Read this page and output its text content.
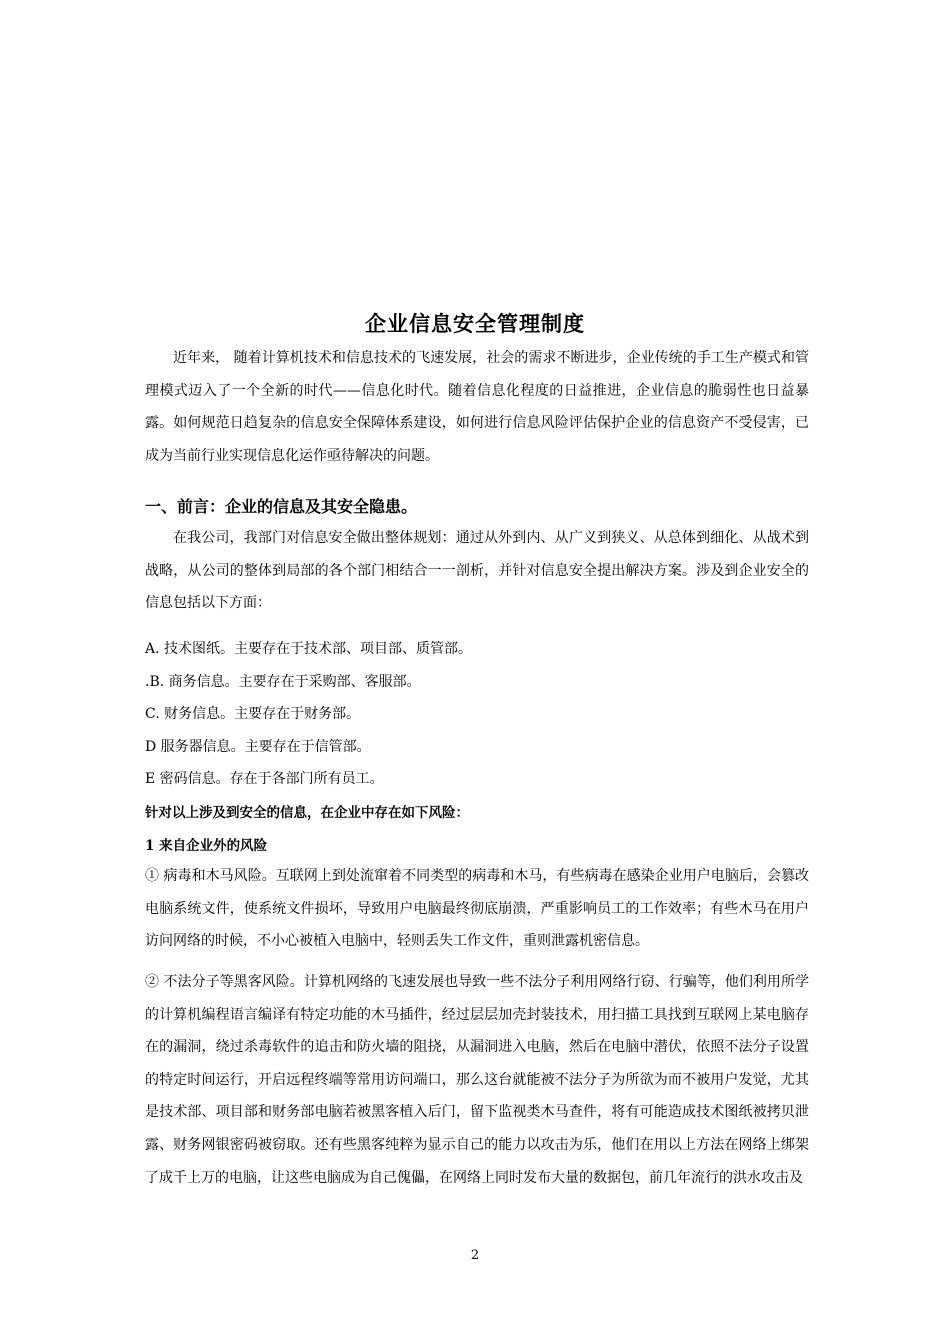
企业信息安全管理制度

近年来， 随着计算机技术和信息技术的飞速发展，社会的需求不断进步，企业传统的手工生产模式和管理模式迈入了一个全新的时代——信息化时代。随着信息化程度的日益推进，企业信息的脆弱性也日益暴露。如何规范日趋复杂的信息安全保障体系建设，如何进行信息风险评估保护企业的信息资产不受侵害，已成为当前行业实现信息化运作亟待解决的问题。

一、前言：企业的信息及其安全隐患。

在我公司，我部门对信息安全做出整体规划：通过从外到内、从广义到狭义、从总体到细化、从战术到战略，从公司的整体到局部的各个部门相结合一一剖析，并针对信息安全提出解决方案。涉及到企业安全的信息包括以下方面：

A. 技术图纸。主要存在于技术部、项目部、质管部。
.B. 商务信息。主要存在于采购部、客服部。
C. 财务信息。主要存在于财务部。
D 服务器信息。主要存在于信管部。
E 密码信息。存在于各部门所有员工。
针对以上涉及到安全的信息，在企业中存在如下风险：
1 来自企业外的风险

① 病毒和木马风险。互联网上到处流窜着不同类型的病毒和木马，有些病毒在感染企业用户电脑后，会篡改电脑系统文件，使系统文件损坏，导致用户电脑最终彻底崩溃，严重影响员工的工作效率；有些木马在用户访问网络的时候，不小心被植入电脑中，轻则丢失工作文件，重则泄露机密信息。

② 不法分子等黑客风险。计算机网络的飞速发展也导致一些不法分子利用网络行窃、行骗等，他们利用所学的计算机编程语言编译有特定功能的木马插件，经过层层加壳封装技术，用扫描工具找到互联网上某电脑存在的漏洞，绕过杀毒软件的追击和防火墙的阻挠，从漏洞进入电脑，然后在电脑中潜伏，依照不法分子设置的特定时间运行，开启远程终端等常用访问端口，那么这台就能被不法分子为所欲为而不被用户发觉，尤其是技术部、项目部和财务部电脑若被黑客植入后门，留下监视类木马查件，将有可能造成技术图纸被拷贝泄露、财务网银密码被窃取。还有些黑客纯粹为显示自己的能力以攻击为乐，他们在用以上方法在网络上绑架了成千上万的电脑，让这些电脑成为自己傀儡，在网络上同时发布大量的数据包，前几年流行的洪水攻击及

2
